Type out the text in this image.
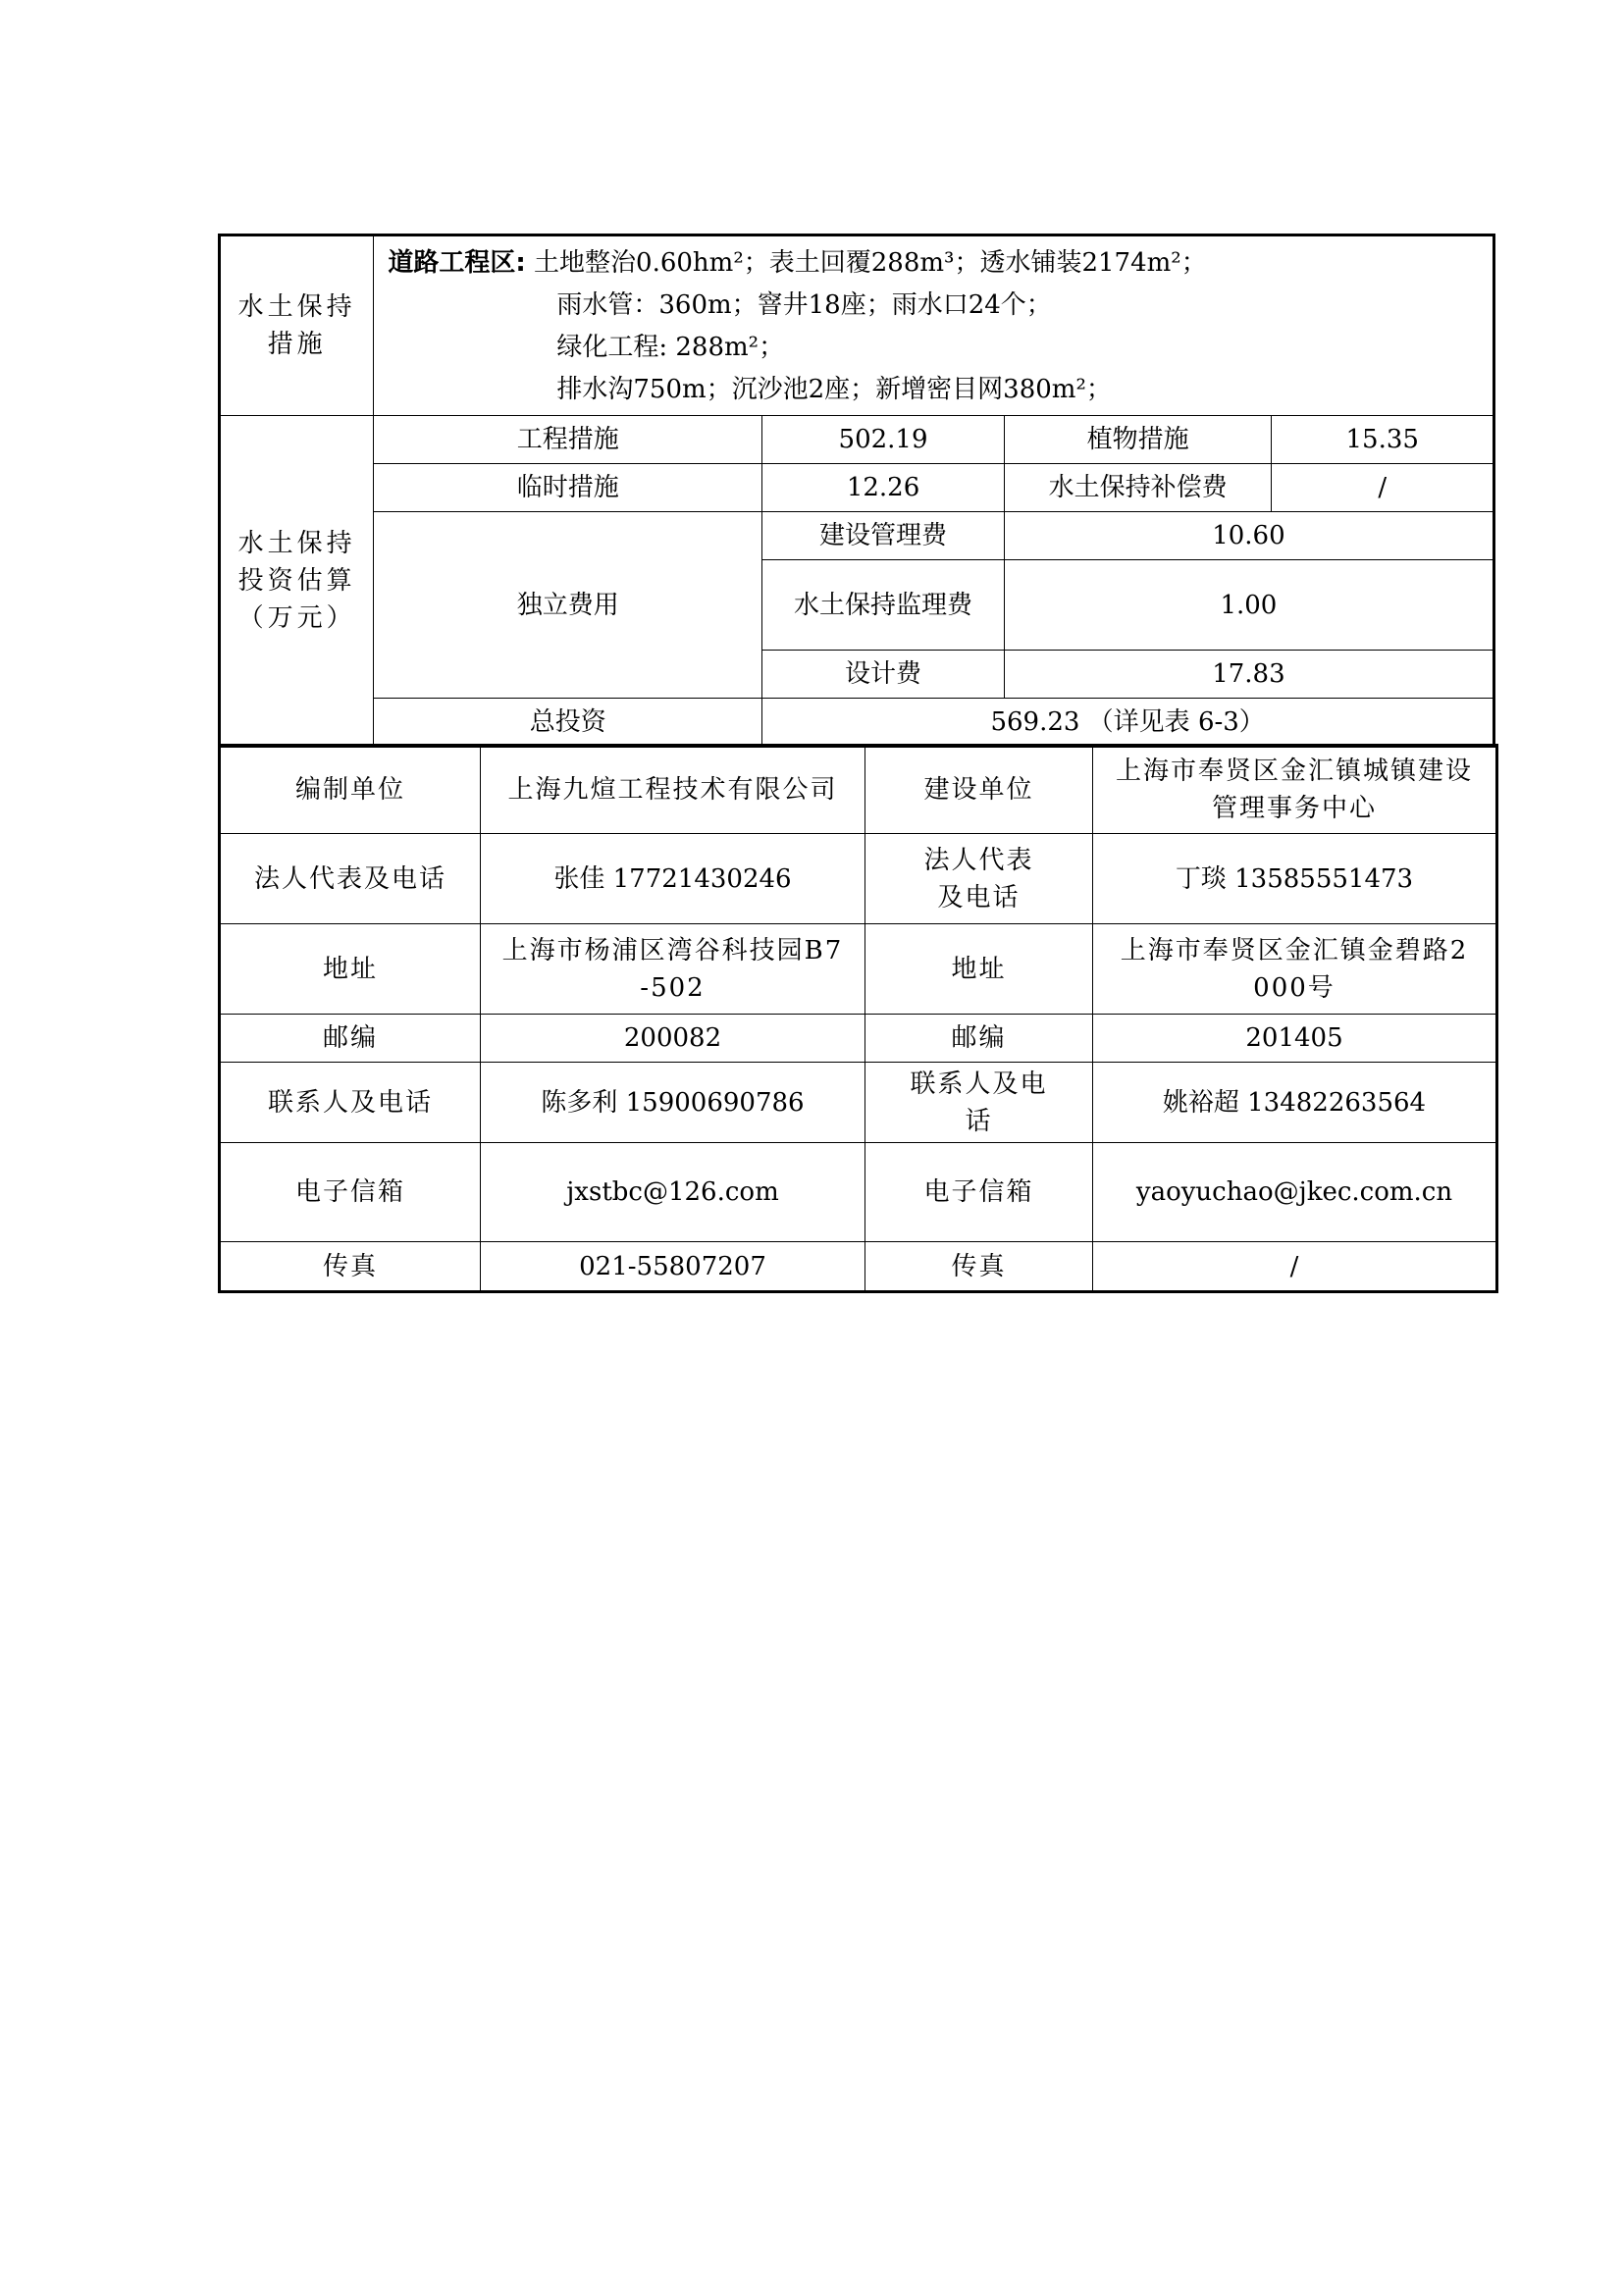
水土保持措施	道路工程区: 土地整治0.60hm²；表土回覆288m³；透水铺装2174m²；
雨水管：360m；窨井18座；雨水口24个；
绿化工程: 288m²；
排水沟750m；沉沙池2座；新增密目网380m²；			

水土保持投资估算（万元）	工程措施	502.19	植物措施	15.35
	临时措施	12.26	水土保持补偿费	/
	独立费用	建设管理费	10.60	
		水土保持监理费	1.00	
		设计费	17.83	
	总投资	569.23 （详见表 6-3）		
编制单位	上海九煊工程技术有限公司	建设单位	上海市奉贤区金汇镇城镇建设管理事务中心
法人代表及电话	张佳 17721430246	法人代表及电话	丁琰 13585551473
地址	上海市杨浦区湾谷科技园B7-502	地址	上海市奉贤区金汇镇金碧路2000号
邮编	200082	邮编	201405
联系人及电话	陈多利 15900690786	联系人及电话	姚裕超 13482263564
电子信箱	jxstbc@126.com	电子信箱	yaoyuchao@jkec.com.cn
传真	021-55807207	传真	/
